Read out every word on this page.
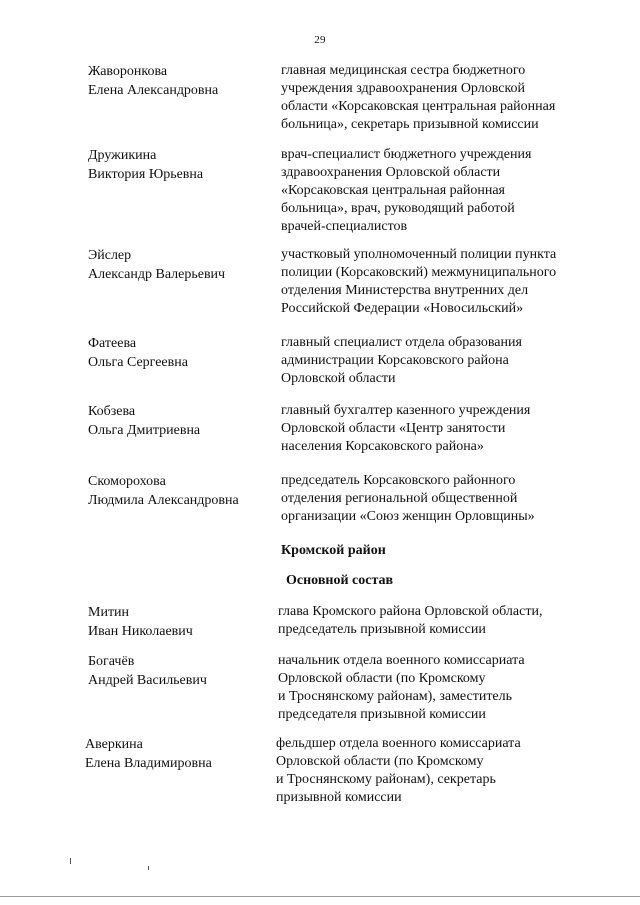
29
Жаворонкова
Елена Александровна
главная медицинская сестра бюджетного
учреждения здравоохранения Орловской
области «Корсаковская центральная районная
больница», секретарь призывной комиссии
Дружикина
Виктория Юрьевна
врач-специалист бюджетного учреждения
здравоохранения Орловской области
«Корсаковская центральная районная
больница», врач, руководящий работой
врачей-специалистов
Эйслер
Александр Валерьевич
участковый уполномоченный полиции пункта
полиции (Корсаковский) межмуниципального
отделения Министерства внутренних дел
Российской Федерации «Новосильский»
Фатеева
Ольга Сергеевна
главный специалист отдела образования
администрации Корсаковского района
Орловской области
Кобзева
Ольга Дмитриевна
главный бухгалтер казенного учреждения
Орловской области «Центр занятости
населения Корсаковского района»
Скоморохова
Людмила Александровна
председатель Корсаковского районного
отделения региональной общественной
организации «Союз женщин Орловщины»
Кромской район
Основной состав
Митин
Иван Николаевич
глава Кромского района Орловской области,
председатель призывной комиссии
Богачёв
Андрей Васильевич
начальник отдела военного комиссариата
Орловской области (по Кромскому
и Троснянскому районам), заместитель
председателя призывной комиссии
Аверкина
Елена Владимировна
фельдшер отдела военного комиссариата
Орловской области (по Кромскому
и Троснянскому районам), секретарь
призывной комиссии
